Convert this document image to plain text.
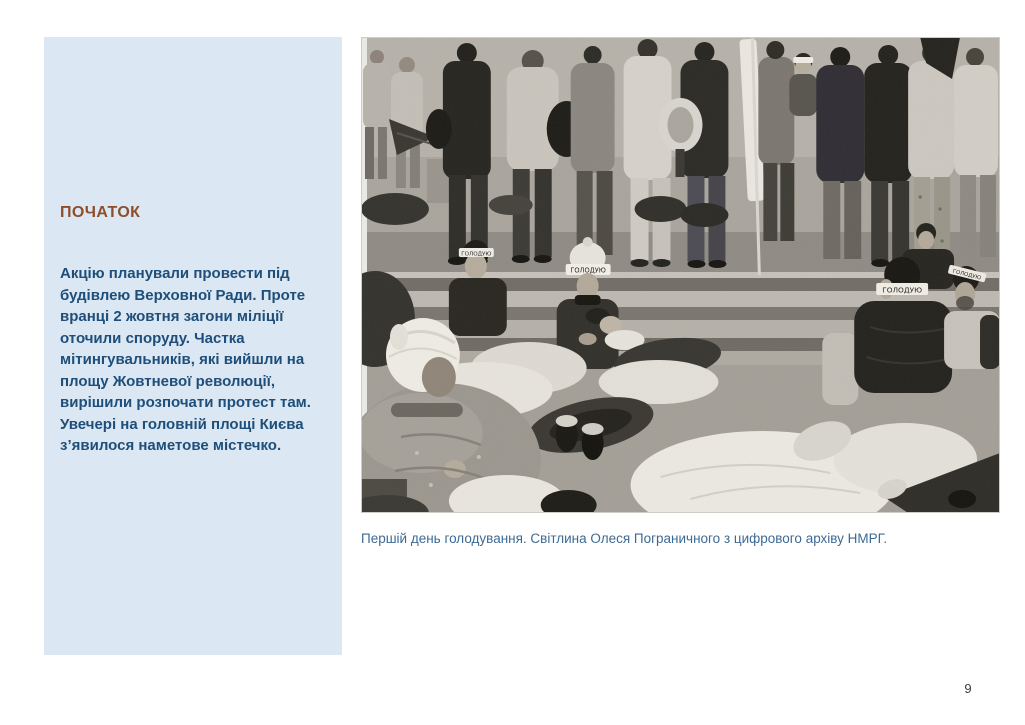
ПОЧАТОК

Акцію планували провести під будівлею Верховної Ради. Проте вранці 2 жовтня загони міліції оточили споруду. Частка мітингувальників, які вийшли на площу Жовтневої революції, вирішили розпочати протест там. Увечері на головній площі Києва з’явилося наметове містечко.

Першій день голодування. Світлина Олеся Пограничного з цифрового архіву НМРГ.
9
